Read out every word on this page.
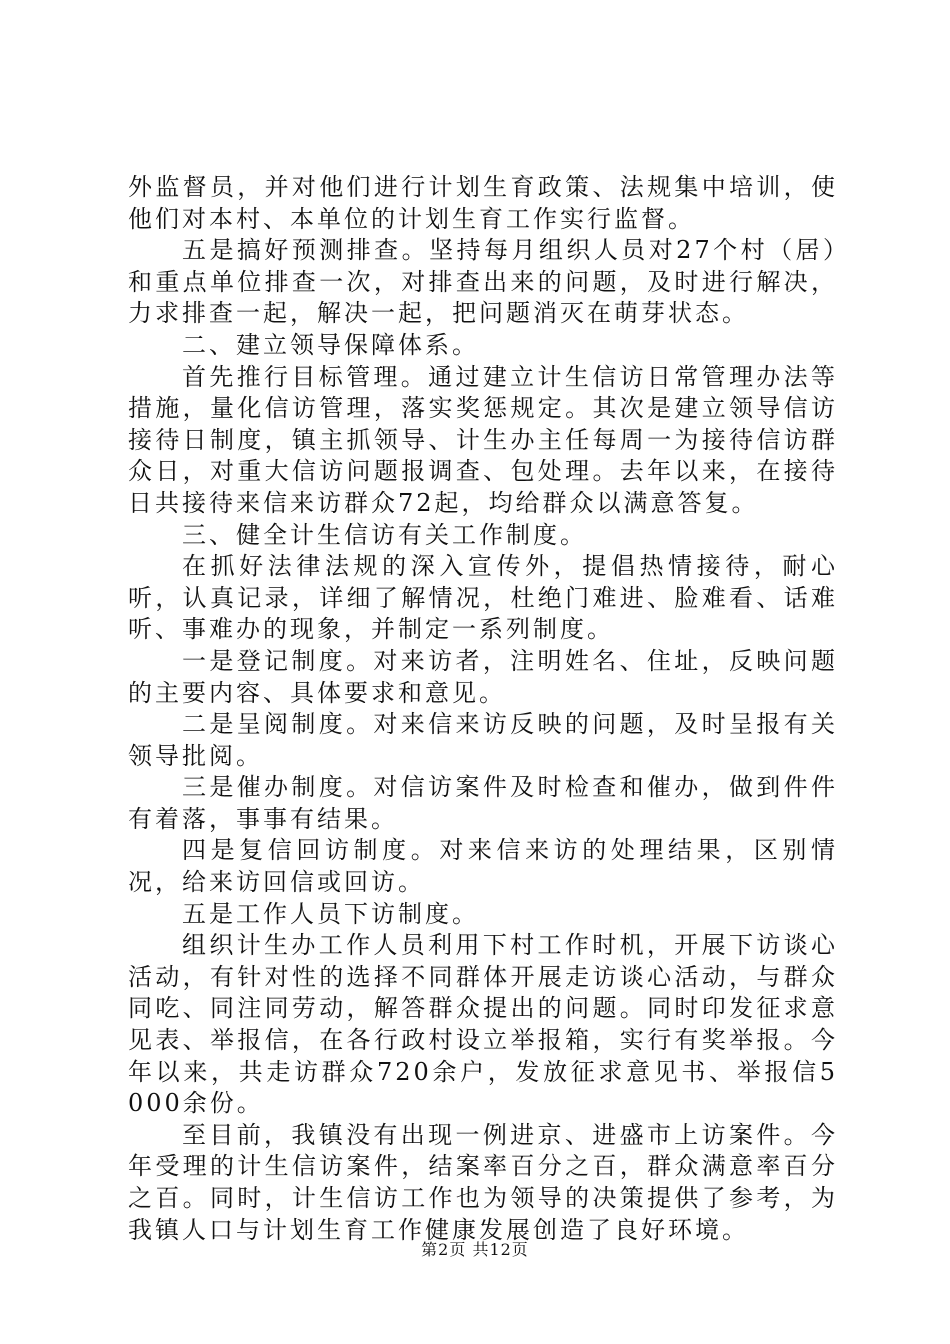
外监督员，并对他们进行计划生育政策、法规集中培训，使他们对本村、本单位的计划生育工作实行监督。

五是搞好预测排查。坚持每月组织人员对27个村（居）和重点单位排查一次，对排查出来的问题，及时进行解决，力求排查一起，解决一起，把问题消灭在萌芽状态。

二、建立领导保障体系。

首先推行目标管理。通过建立计生信访日常管理办法等措施，量化信访管理，落实奖惩规定。其次是建立领导信访接待日制度，镇主抓领导、计生办主任每周一为接待信访群众日，对重大信访问题报调查、包处理。去年以来，在接待日共接待来信来访群众72起，均给群众以满意答复。

三、健全计生信访有关工作制度。

在抓好法律法规的深入宣传外，提倡热情接待，耐心听，认真记录，详细了解情况，杜绝门难进、脸难看、话难听、事难办的现象，并制定一系列制度。

一是登记制度。对来访者，注明姓名、住址，反映问题的主要内容、具体要求和意见。

二是呈阅制度。对来信来访反映的问题，及时呈报有关领导批阅。

三是催办制度。对信访案件及时检查和催办，做到件件有着落，事事有结果。

四是复信回访制度。对来信来访的处理结果，区别情况，给来访回信或回访。

五是工作人员下访制度。

组织计生办工作人员利用下村工作时机，开展下访谈心活动，有针对性的选择不同群体开展走访谈心活动，与群众同吃、同注同劳动，解答群众提出的问题。同时印发征求意见表、举报信，在各行政村设立举报箱，实行有奖举报。今年以来，共走访群众720余户，发放征求意见书、举报信5000余份。

至目前，我镇没有出现一例进京、进盛市上访案件。今年受理的计生信访案件，结案率百分之百，群众满意率百分之百。同时，计生信访工作也为领导的决策提供了参考，为我镇人口与计划生育工作健康发展创造了良好环境。

第2页 共12页
